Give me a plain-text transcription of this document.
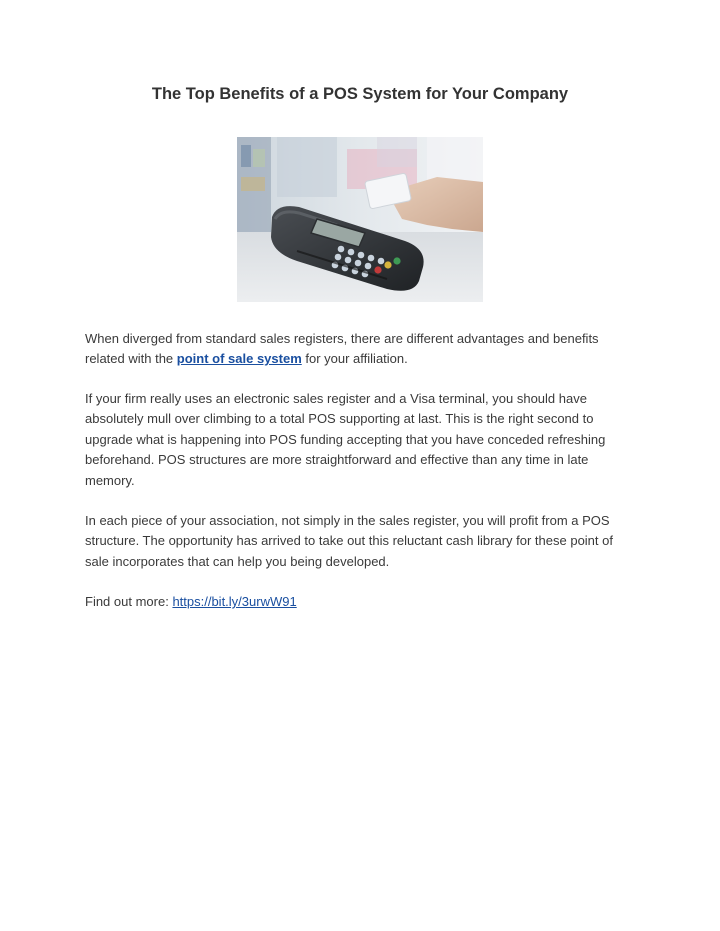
The Top Benefits of a POS System for Your Company

When diverged from standard sales registers, there are different advantages and benefits related with the point of sale system for your affiliation.

If your firm really uses an electronic sales register and a Visa terminal, you should have absolutely mull over climbing to a total POS supporting at last. This is the right second to upgrade what is happening into POS funding accepting that you have conceded refreshing beforehand. POS structures are more straightforward and effective than any time in late memory.

In each piece of your association, not simply in the sales register, you will profit from a POS structure. The opportunity has arrived to take out this reluctant cash library for these point of sale incorporates that can help you being developed.

Find out more: https://bit.ly/3urwW91
